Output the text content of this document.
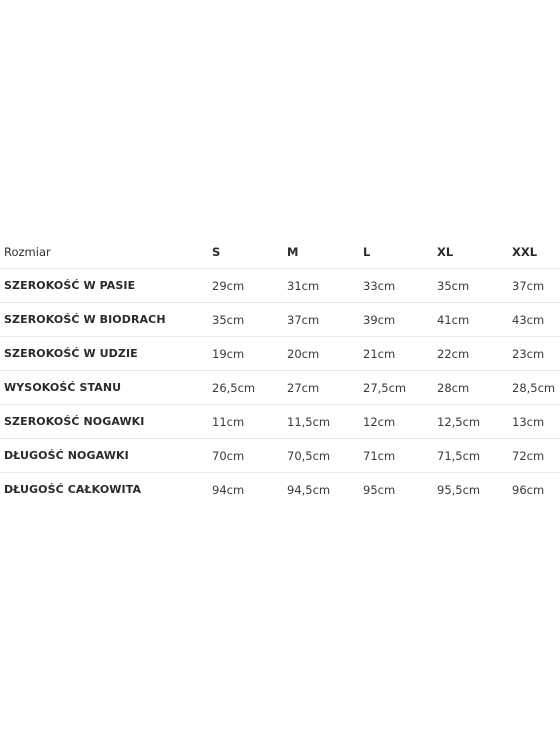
Rozmiar	S	M	L	XL	XXL
SZEROKOŚĆ W PASIE	29cm	31cm	33cm	35cm	37cm
SZEROKOŚĆ W BIODRACH	35cm	37cm	39cm	41cm	43cm
SZEROKOŚĆ W UDZIE	19cm	20cm	21cm	22cm	23cm
WYSOKOŚĆ STANU	26,5cm	27cm	27,5cm	28cm	28,5cm
SZEROKOŚĆ NOGAWKI	11cm	11,5cm	12cm	12,5cm	13cm
DŁUGOŚĆ NOGAWKI	70cm	70,5cm	71cm	71,5cm	72cm
DŁUGOŚĆ CAŁKOWITA	94cm	94,5cm	95cm	95,5cm	96cm
